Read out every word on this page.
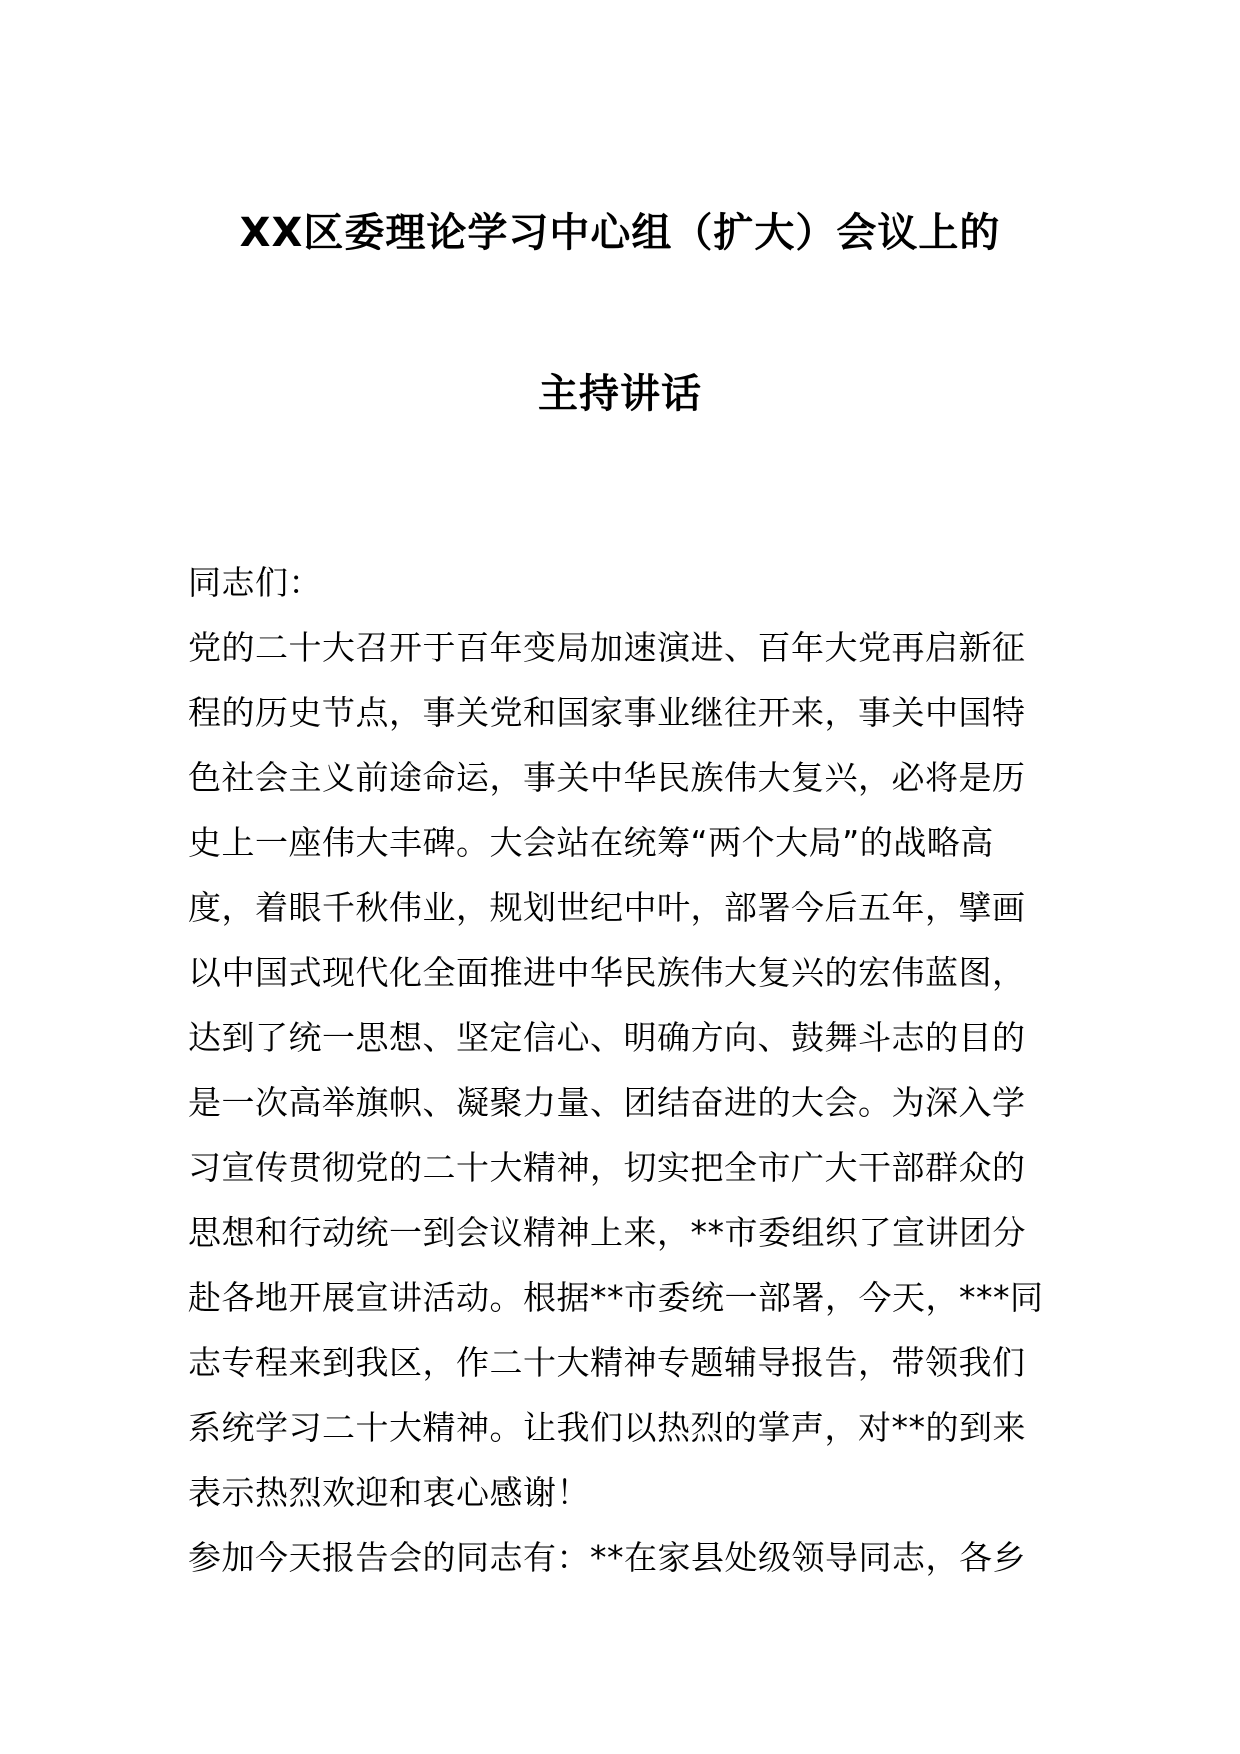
XX区委理论学习中心组（扩大）会议上的
主持讲话

同志们：

党的二十大召开于百年变局加速演进、百年大党再启新征
程的历史节点，事关党和国家事业继往开来，事关中国特
色社会主义前途命运，事关中华民族伟大复兴，必将是历
史上一座伟大丰碑。大会站在统筹“两个大局”的战略高
度，着眼千秋伟业，规划世纪中叶，部署今后五年，擘画
以中国式现代化全面推进中华民族伟大复兴的宏伟蓝图，
达到了统一思想、坚定信心、明确方向、鼓舞斗志的目的
是一次高举旗帜、凝聚力量、团结奋进的大会。为深入学
习宣传贯彻党的二十大精神，切实把全市广大干部群众的
思想和行动统一到会议精神上来，**市委组织了宣讲团分
赴各地开展宣讲活动。根据**市委统一部署，今天，***同
志专程来到我区，作二十大精神专题辅导报告，带领我们
系统学习二十大精神。让我们以热烈的掌声，对**的到来
表示热烈欢迎和衷心感谢！

参加今天报告会的同志有：**在家县处级领导同志，各乡
